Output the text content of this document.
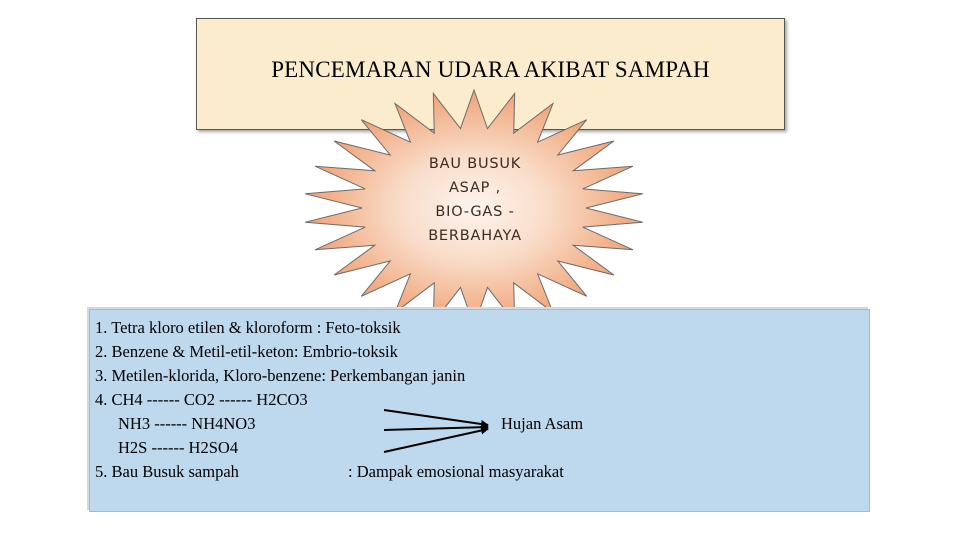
PENCEMARAN UDARA AKIBAT SAMPAH
BAU BUSUK
ASAP ,
BIO-GAS -
BERBAHAYA
1. Tetra kloro etilen & kloroform : Feto-toksik
2. Benzene & Metil-etil-keton: Embrio-toksik
3. Metilen-klorida, Kloro-benzene: Perkembangan janin
4. CH4 ------ CO2 ------ H2CO3
NH3 ------ NH4NO3
H2S ------ H2SO4
5. Bau Busuk sampah	: Dampak emosional masyarakat
Hujan Asam
